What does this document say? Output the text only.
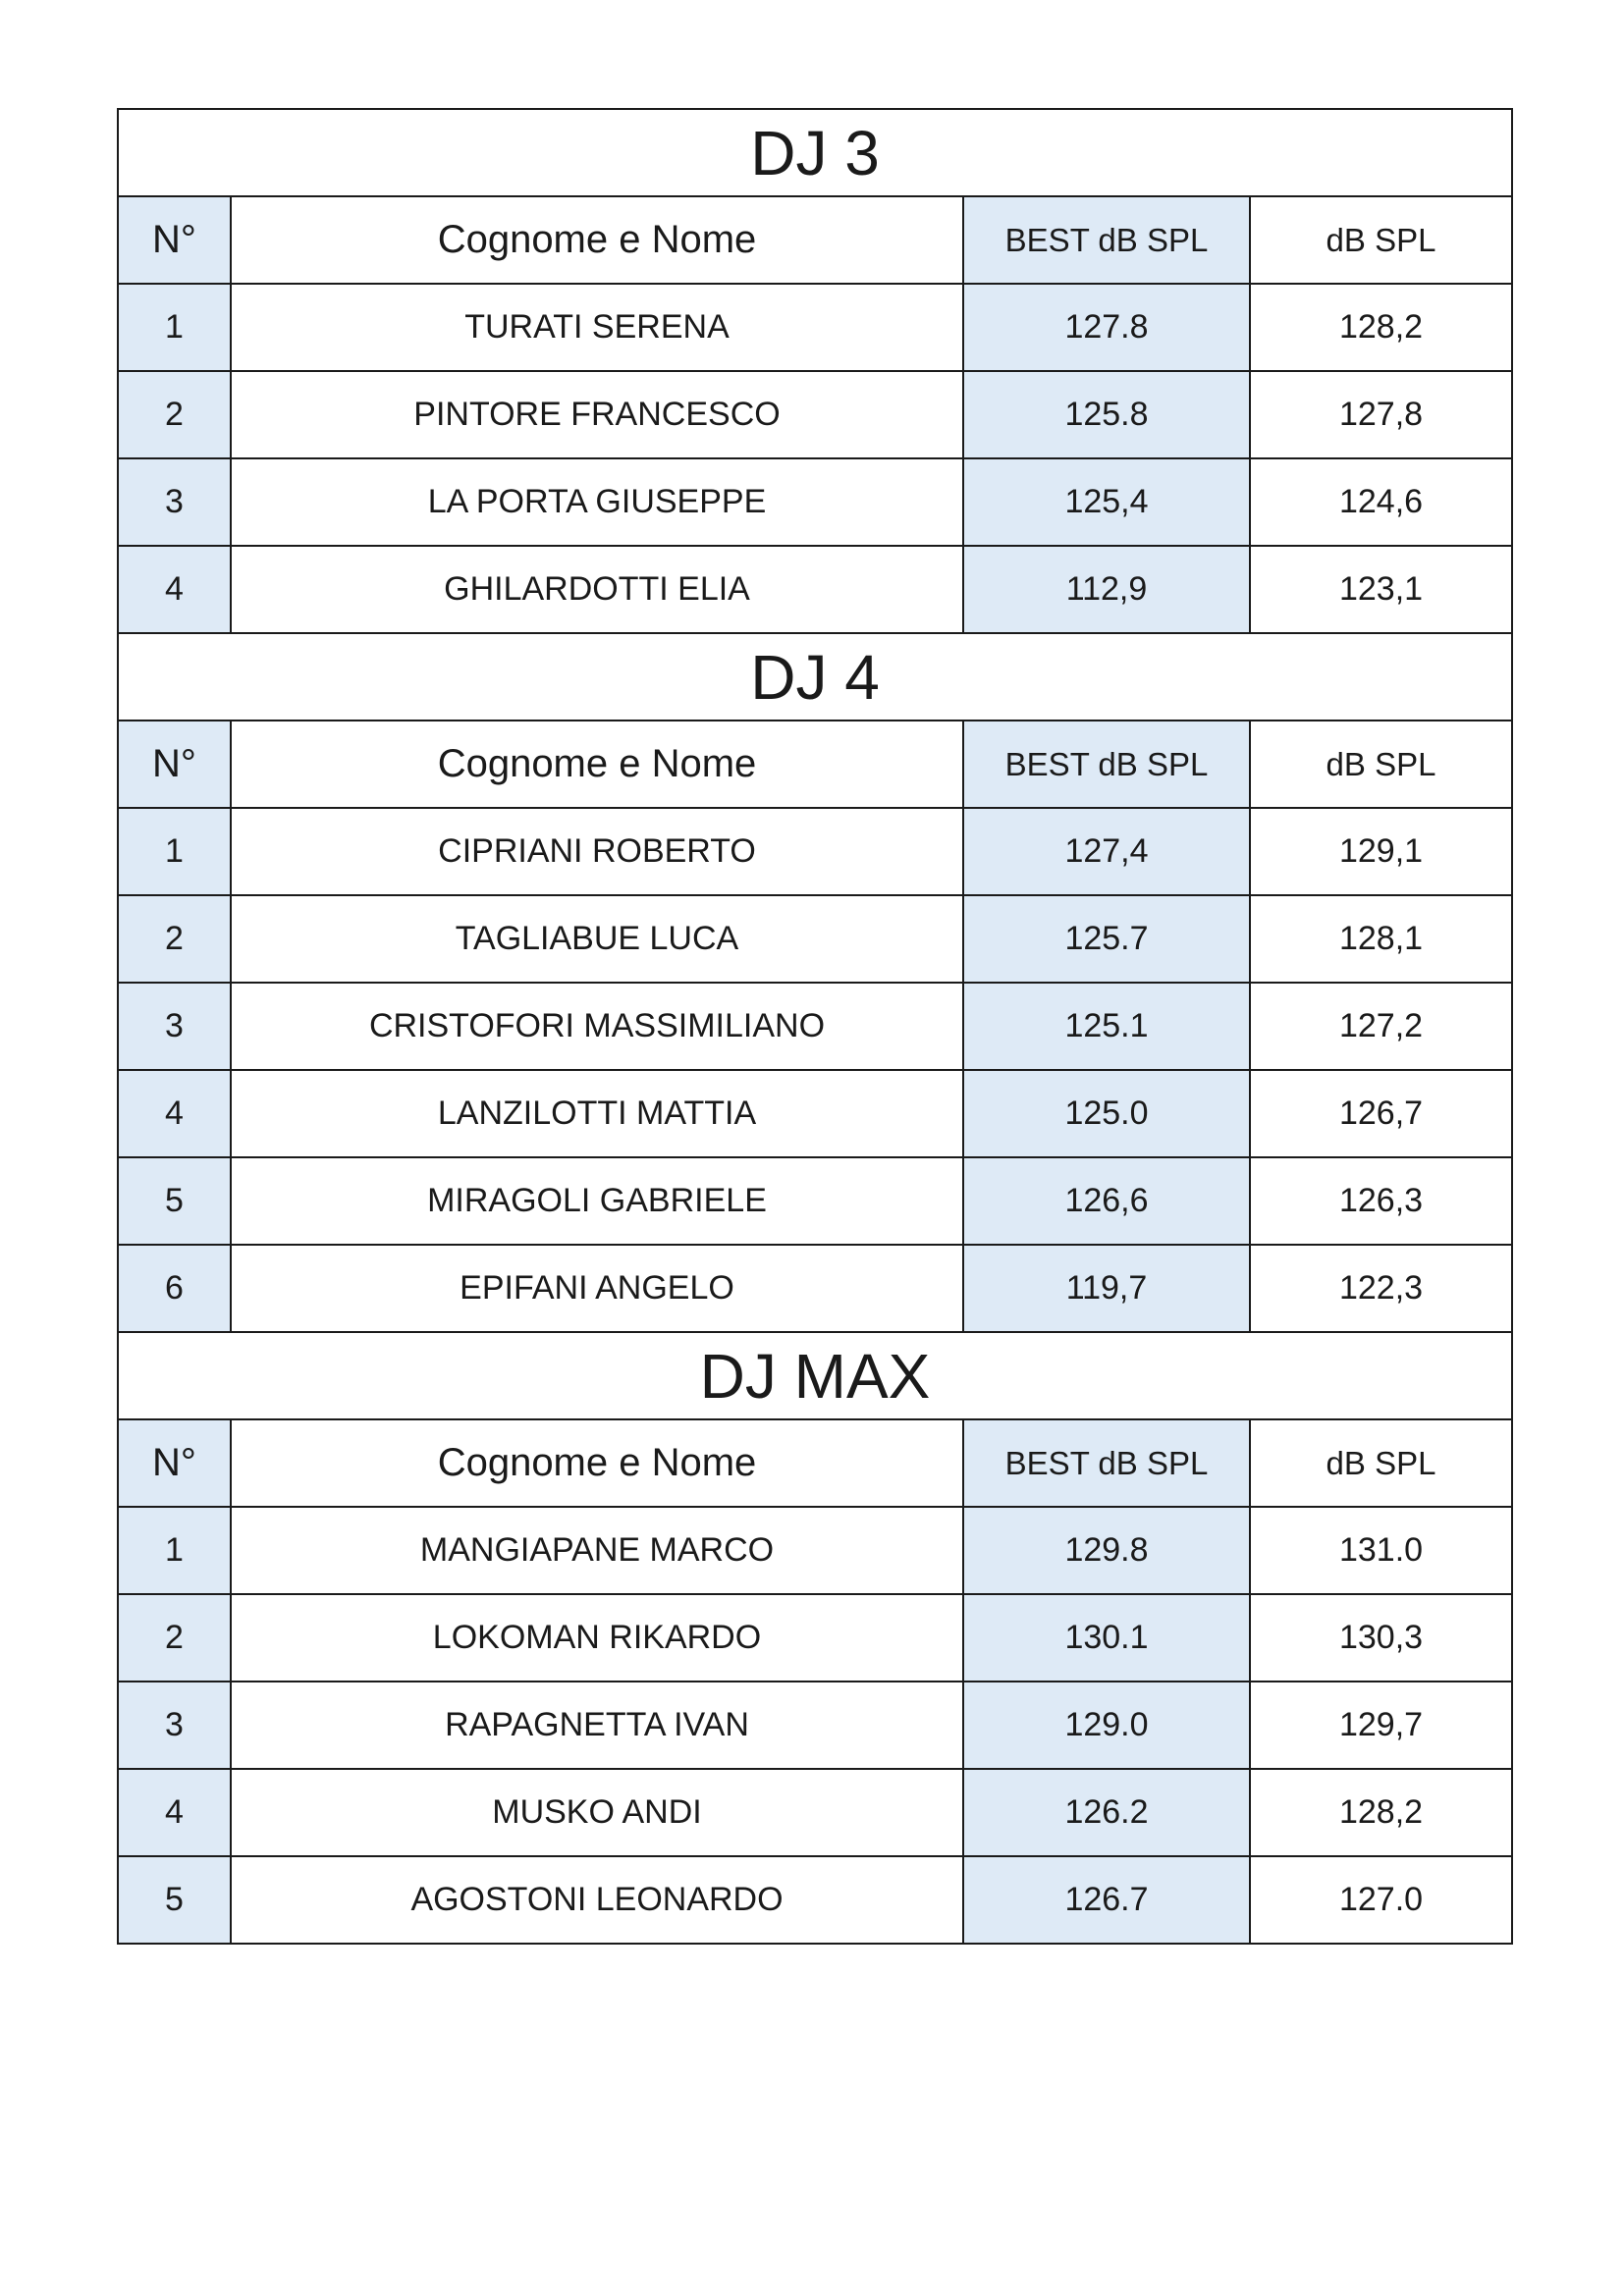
DJ 3			
N°	Cognome e Nome	BEST dB SPL	dB SPL
1	TURATI SERENA	127.8	128,2
2	PINTORE FRANCESCO	125.8	127,8
3	LA PORTA GIUSEPPE	125,4	124,6
4	GHILARDOTTI ELIA	112,9	123,1
DJ 4			
N°	Cognome e Nome	BEST dB SPL	dB SPL
1	CIPRIANI ROBERTO	127,4	129,1
2	TAGLIABUE LUCA	125.7	128,1
3	CRISTOFORI MASSIMILIANO	125.1	127,2
4	LANZILOTTI MATTIA	125.0	126,7
5	MIRAGOLI GABRIELE	126,6	126,3
6	EPIFANI ANGELO	119,7	122,3
DJ MAX			
N°	Cognome e Nome	BEST dB SPL	dB SPL
1	MANGIAPANE MARCO	129.8	131.0
2	LOKOMAN RIKARDO	130.1	130,3
3	RAPAGNETTA IVAN	129.0	129,7
4	MUSKO ANDI	126.2	128,2
5	AGOSTONI LEONARDO	126.7	127.0
